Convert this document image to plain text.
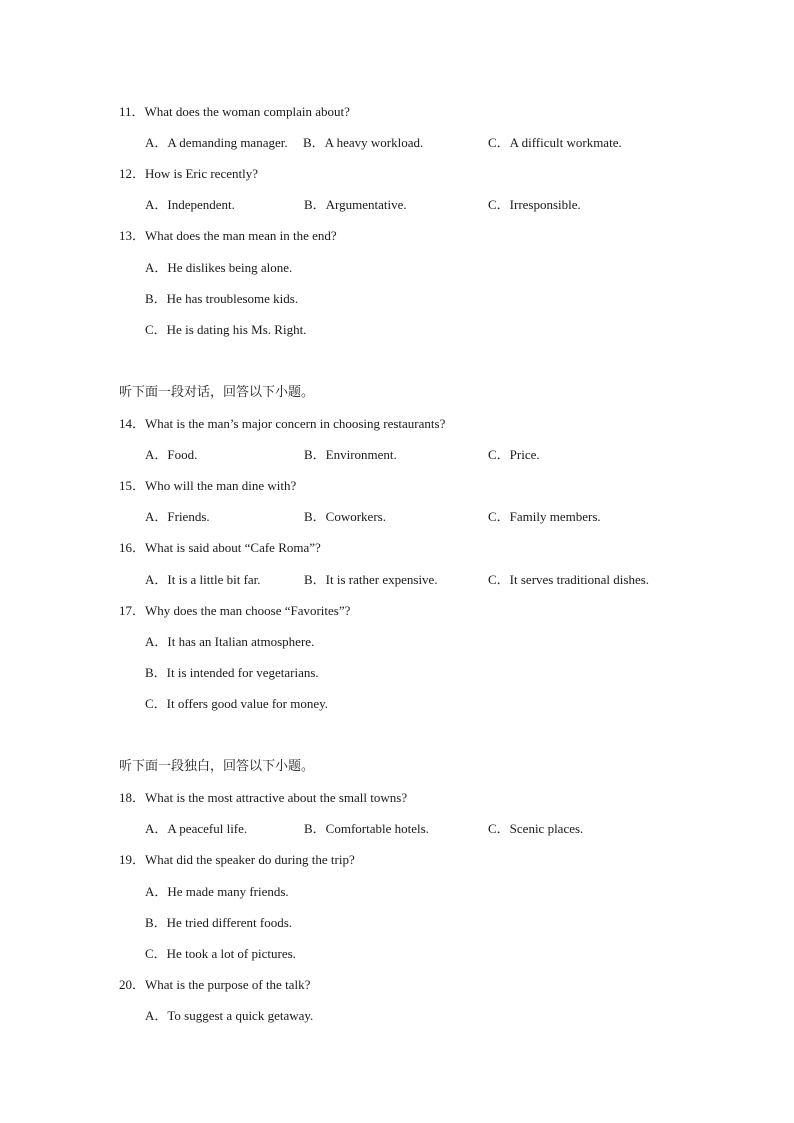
11．What does the woman complain about?
A．A demanding manager. B．A heavy workload.	C．A difficult workmate.
12．How is Eric recently?
A．Independent.	B．Argumentative.	C．Irresponsible.
13．What does the man mean in the end?
A．He dislikes being alone.
B．He has troublesome kids.
C．He is dating his Ms. Right.
听下面一段对话，回答以下小题。
14．What is the man’s major concern in choosing restaurants?
A．Food.	B．Environment.	C．Price.
15．Who will the man dine with?
A．Friends.	B．Coworkers.	C．Family members.
16．What is said about “Cafe Roma”?
A．It is a little bit far.	B．It is rather expensive.	C．It serves traditional dishes.
17．Why does the man choose “Favorites”?
A．It has an Italian atmosphere.
B．It is intended for vegetarians.
C．It offers good value for money.
听下面一段独白，回答以下小题。
18．What is the most attractive about the small towns?
A．A peaceful life.	B．Comfortable hotels.	C．Scenic places.
19．What did the speaker do during the trip?
A．He made many friends.
B．He tried different foods.
C．He took a lot of pictures.
20．What is the purpose of the talk?
A．To suggest a quick getaway.
